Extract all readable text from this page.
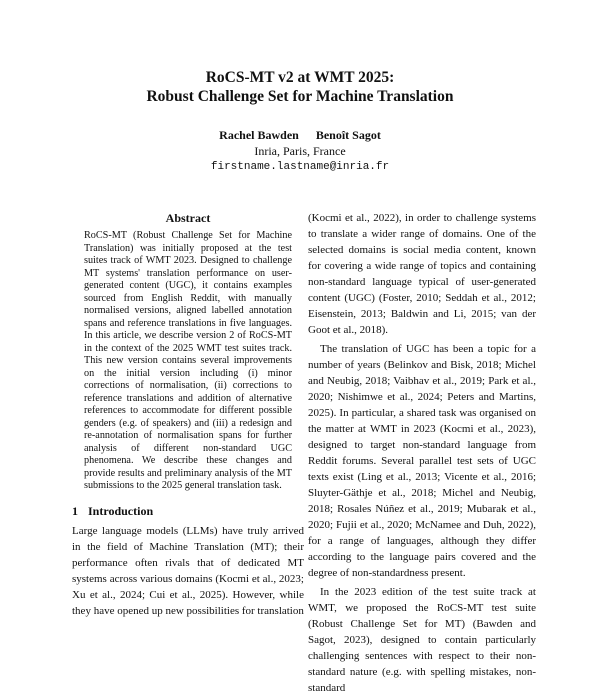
RoCS-MT v2 at WMT 2025:
Robust Challenge Set for Machine Translation
Rachel Bawden Benoît Sagot
Inria, Paris, France
firstname.lastname@inria.fr
Abstract
RoCS-MT (Robust Challenge Set for Machine Translation) was initially proposed at the test suites track of WMT 2023. Designed to challenge MT systems' translation performance on user-generated content (UGC), it contains examples sourced from English Reddit, with manually normalised versions, aligned labelled annotation spans and reference translations in five languages. In this article, we describe version 2 of RoCS-MT in the context of the 2025 WMT test suites track. This new version contains several improvements on the initial version including (i) minor corrections of normalisation, (ii) corrections to reference translations and addition of alternative references to accommodate for different possible genders (e.g. of speakers) and (iii) a redesign and re-annotation of normalisation spans for further analysis of different non-standard UGC phenomena. We describe these changes and provide results and preliminary analysis of the MT submissions to the 2025 general translation task.
1 Introduction
Large language models (LLMs) have truly arrived in the field of Machine Translation (MT); their performance often rivals that of dedicated MT systems across various domains (Kocmi et al., 2023; Xu et al., 2024; Cui et al., 2025). However, while they have opened up new possibilities for translation

(Kocmi et al., 2022), in order to challenge systems to translate a wider range of domains. One of the selected domains is social media content, known for covering a wide range of topics and containing non-standard language typical of user-generated content (UGC) (Foster, 2010; Seddah et al., 2012; Eisenstein, 2013; Baldwin and Li, 2015; van der Goot et al., 2018).

The translation of UGC has been a topic for a number of years (Belinkov and Bisk, 2018; Michel and Neubig, 2018; Vaibhav et al., 2019; Park et al., 2020; Nishimwe et al., 2024; Peters and Martins, 2025). In particular, a shared task was organised on the matter at WMT in 2023 (Kocmi et al., 2023), designed to target non-standard language from Reddit forums. Several parallel test sets of UGC texts exist (Ling et al., 2013; Vicente et al., 2016; Sluyter-Gäthje et al., 2018; Michel and Neubig, 2018; Rosales Núñez et al., 2019; Mubarak et al., 2020; Fujii et al., 2020; McNamee and Duh, 2022), for a range of languages, although they differ according to the language pairs covered and the degree of non-standardness present.

In the 2023 edition of the test suite track at WMT, we proposed the RoCS-MT test suite (Robust Challenge Set for MT) (Bawden and Sagot, 2023), designed to contain particularly challenging sentences with respect to their non-standard nature (e.g. with spelling mistakes, non-standard
